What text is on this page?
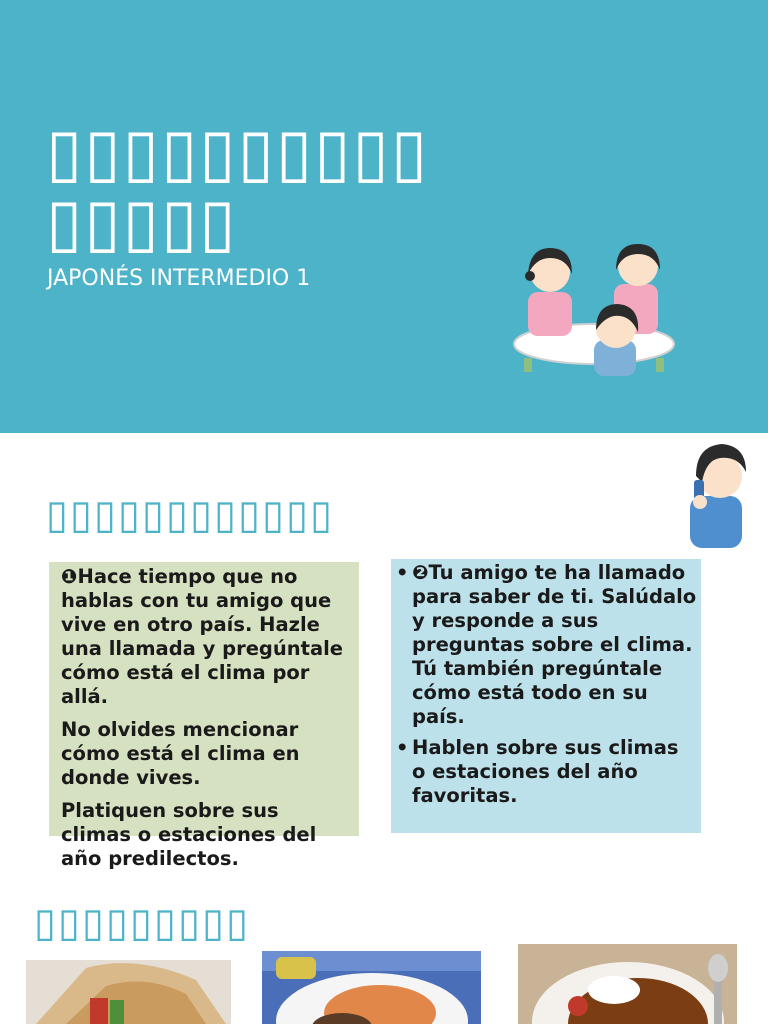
▯▯▯▯▯▯▯▯▯▯▯▯▯▯▯

JAPONÉS INTERMEDIO 1

▯▯▯▯▯▯▯▯▯▯▯▯

❶Hace tiempo que no hablas con tu amigo que vive en otro país. Hazle una llamada y pregúntale cómo está el clima por allá.

No olvides mencionar cómo está el clima en donde vives.

Platiquen sobre sus climas o estaciones del año predilectos.

• ❷Tu amigo te ha llamado para saber de ti. Salúdalo y responde a sus preguntas sobre el clima. Tú también pregúntale cómo está todo en su país.
• Hablen sobre sus climas o estaciones del año favoritas.
▯▯▯▯▯▯▯▯▯
